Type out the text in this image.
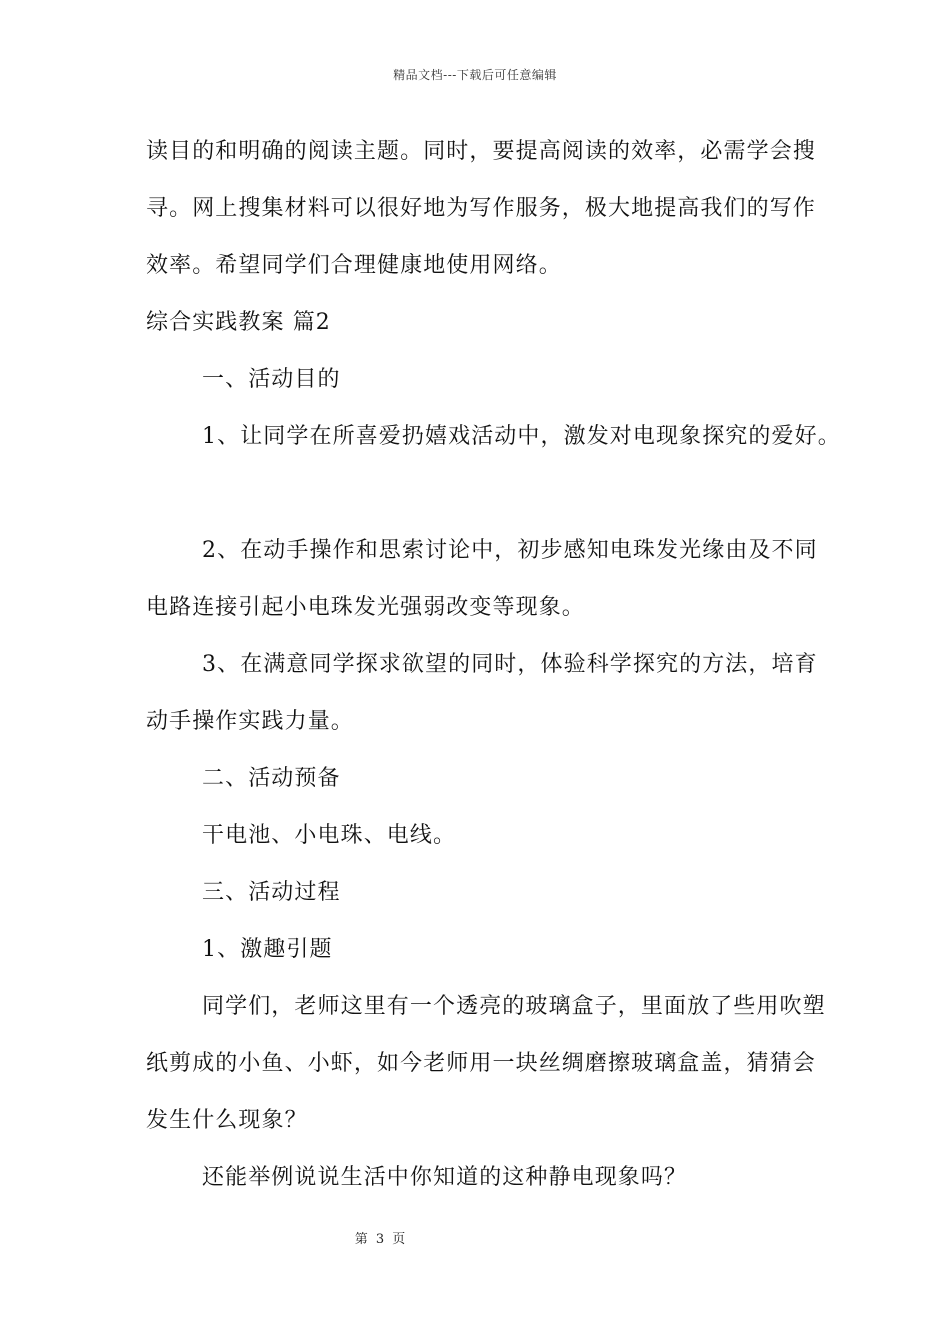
精品文档---下载后可任意编辑
读目的和明确的阅读主题。同时，要提高阅读的效率，必需学会搜
寻。网上搜集材料可以很好地为写作服务，极大地提高我们的写作
效率。希望同学们合理健康地使用网络。
综合实践教案 篇2
一、活动目的
1、让同学在所喜爱扔嬉戏活动中，激发对电现象探究的爱好。
2、在动手操作和思索讨论中，初步感知电珠发光缘由及不同
电路连接引起小电珠发光强弱改变等现象。
3、在满意同学探求欲望的同时，体验科学探究的方法，培育
动手操作实践力量。
二、活动预备
干电池、小电珠、电线。
三、活动过程
1、激趣引题
同学们，老师这里有一个透亮的玻璃盒子，里面放了些用吹塑
纸剪成的小鱼、小虾，如今老师用一块丝绸磨擦玻璃盒盖，猜猜会
发生什么现象？
还能举例说说生活中你知道的这种静电现象吗？
第 3 页
